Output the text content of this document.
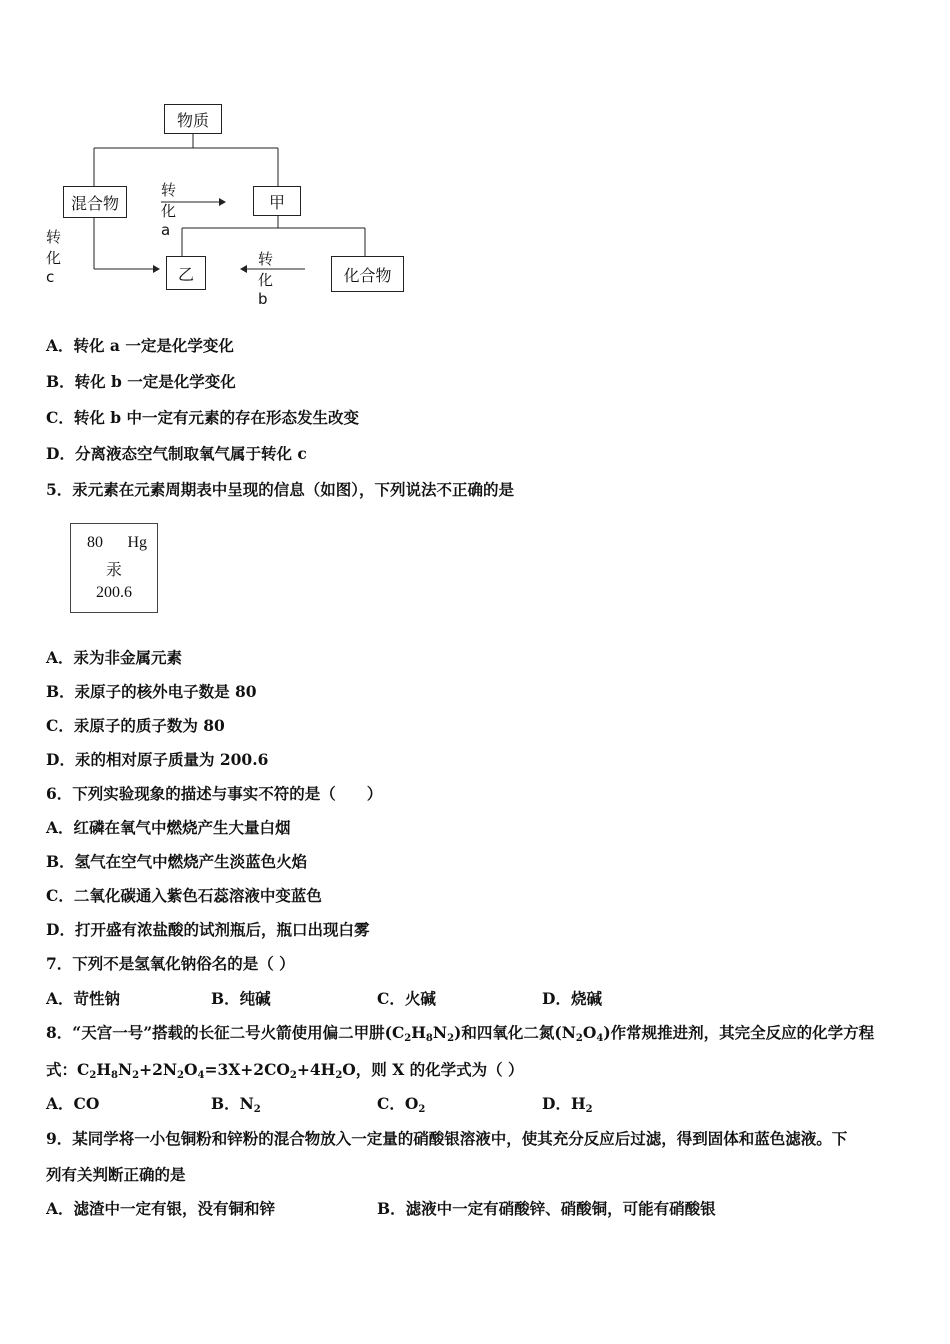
物质
混合物	甲
乙	化合物
转化a
转化b
转化c
A．转化 a 一定是化学变化
B．转化 b 一定是化学变化
C．转化 b 中一定有元素的存在形态发生改变
D．分离液态空气制取氧气属于转化 c
5．汞元素在元素周期表中呈现的信息（如图），下列说法不正确的是
80 Hg
汞
200.6
A．汞为非金属元素
B．汞原子的核外电子数是 80
C．汞原子的质子数为 80
D．汞的相对原子质量为 200.6
6．下列实验现象的描述与事实不符的是（　　）
A．红磷在氧气中燃烧产生大量白烟
B．氢气在空气中燃烧产生淡蓝色火焰
C．二氧化碳通入紫色石蕊溶液中变蓝色
D．打开盛有浓盐酸的试剂瓶后，瓶口出现白雾
7．下列不是氢氧化钠俗名的是（ ）
A．苛性钠	B．纯碱	C．火碱	D．烧碱
8．“天宫一号”搭载的长征二号火箭使用偏二甲肼$(C_2H_8N_2)$和四氧化二氮$(N_2O_4)$作常规推进剂，其完全反应的化学方程
式：$C_2H_8N_2+2N_2O_4=3X+2CO_2+4H_2O$，则 X 的化学式为（ ）
A．CO	B．$N_2$	C．$O_2$	D．$H_2$
9．某同学将一小包铜粉和锌粉的混合物放入一定量的硝酸银溶液中，使其充分反应后过滤，得到固体和蓝色滤液。下
列有关判断正确的是
A．滤渣中一定有银，没有铜和锌	B．滤液中一定有硝酸锌、硝酸铜，可能有硝酸银
